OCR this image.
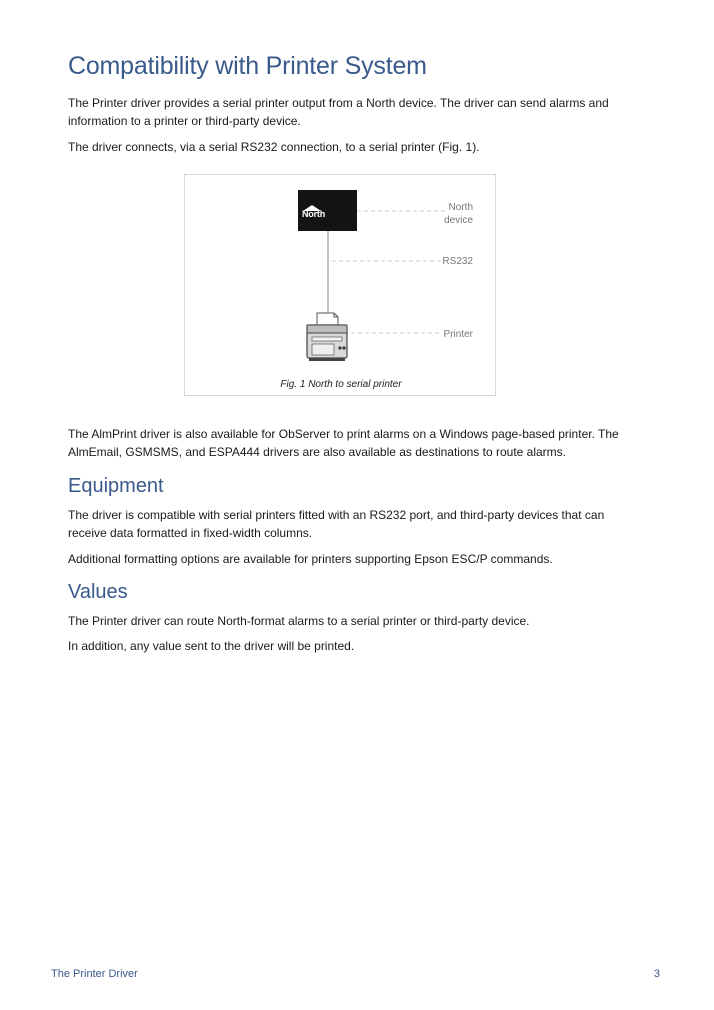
Compatibility with Printer System

The Printer driver provides a serial printer output from a North device. The driver can send alarms and information to a printer or third-party device.

The driver connects, via a serial RS232 connection, to a serial printer (Fig. 1).

North
North
device
RS232
Printer
Fig. 1 North to serial printer

The AlmPrint driver is also available for ObServer to print alarms on a Windows page-based printer. The AlmEmail, GSMSMS, and ESPA444 drivers are also available as destinations to route alarms.

Equipment

The driver is compatible with serial printers fitted with an RS232 port, and third-party devices that can receive data formatted in fixed-width columns.

Additional formatting options are available for printers supporting Epson ESC/P commands.

Values

The Printer driver can route North-format alarms to a serial printer or third-party device.

In addition, any value sent to the driver will be printed.

The Printer Driver	3
